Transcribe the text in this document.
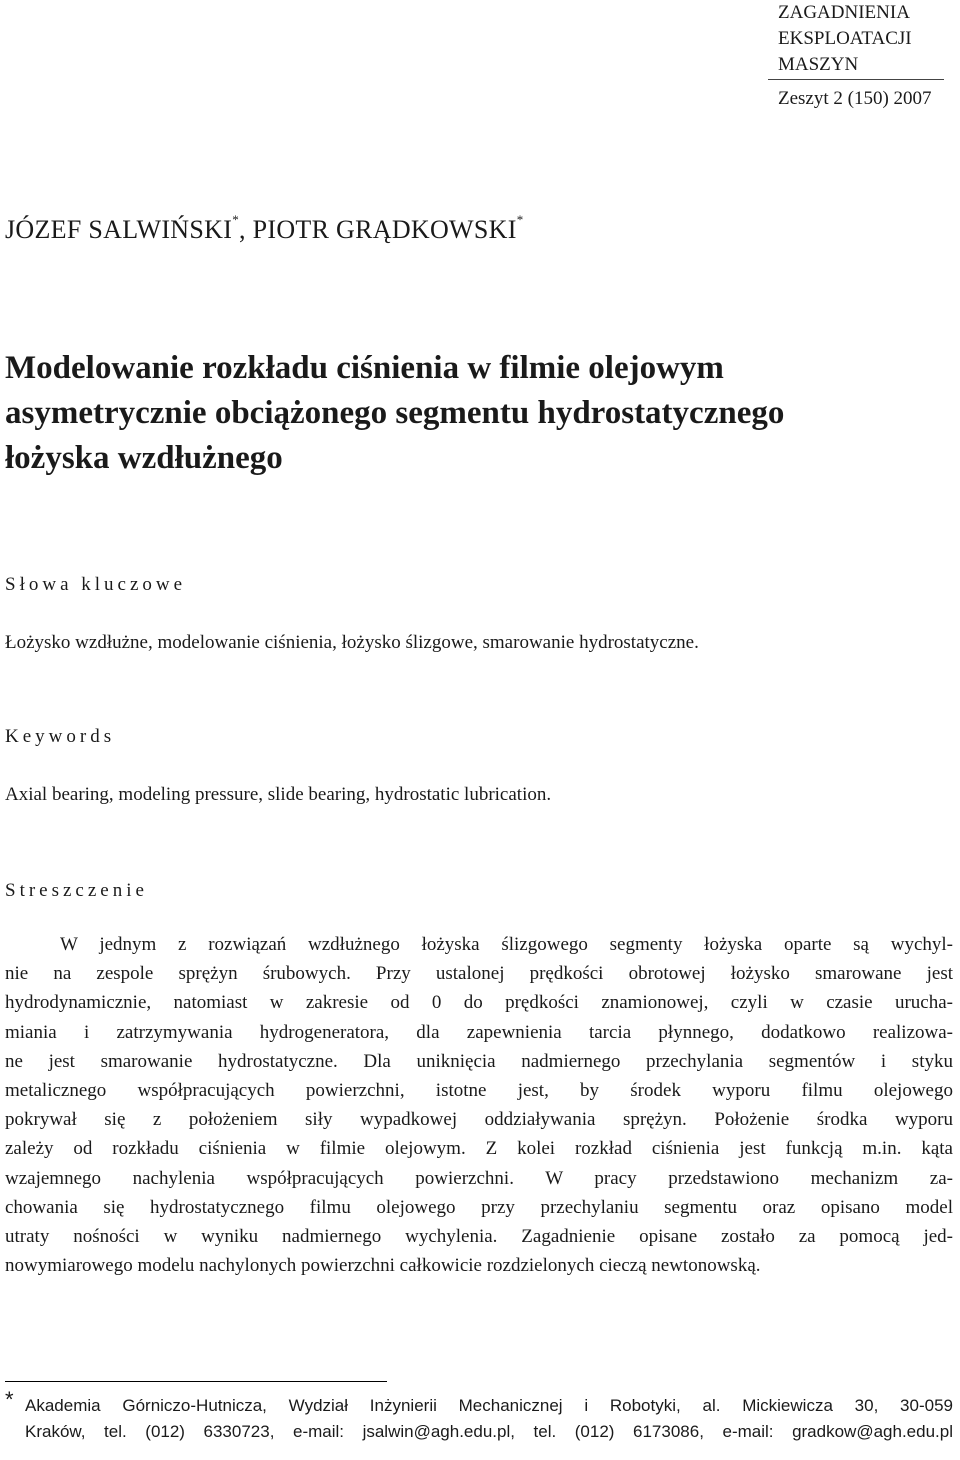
ZAGADNIENIA
EKSPLOATACJI
MASZYN
Zeszyt 2 (150) 2007
JÓZEF SALWIŃSKI*, PIOTR GRĄDKOWSKI*
Modelowanie rozkładu ciśnienia w filmie olejowym
asymetrycznie obciążonego segmentu hydrostatycznego
łożyska wzdłużnego
Słowa kluczowe
Łożysko wzdłużne, modelowanie ciśnienia, łożysko ślizgowe, smarowanie hydrostatyczne.
Keywords
Axial bearing, modeling pressure, slide bearing, hydrostatic lubrication.
Streszczenie
W jednym z rozwiązań wzdłużnego łożyska ślizgowego segmenty łożyska oparte są wychyl-
nie na zespole sprężyn śrubowych. Przy ustalonej prędkości obrotowej łożysko smarowane jest
hydrodynamicznie, natomiast w zakresie od 0 do prędkości znamionowej, czyli w czasie urucha-
miania i zatrzymywania hydrogeneratora, dla zapewnienia tarcia płynnego, dodatkowo realizowa-
ne jest smarowanie hydrostatyczne. Dla uniknięcia nadmiernego przechylania segmentów i styku
metalicznego współpracujących powierzchni, istotne jest, by środek wyporu filmu olejowego
pokrywał się z położeniem siły wypadkowej oddziaływania sprężyn. Położenie środka wyporu
zależy od rozkładu ciśnienia w filmie olejowym. Z kolei rozkład ciśnienia jest funkcją m.in. kąta
wzajemnego nachylenia współpracujących powierzchni. W pracy przedstawiono mechanizm za-
chowania się hydrostatycznego filmu olejowego przy przechylaniu segmentu oraz opisano model
utraty nośności w wyniku nadmiernego wychylenia. Zagadnienie opisane zostało za pomocą jed-
nowymiarowego modelu nachylonych powierzchni całkowicie rozdzielonych cieczą newtonowską.
* Akademia Górniczo-Hutnicza, Wydział Inżynierii Mechanicznej i Robotyki, al. Mickiewicza 30, 30-059
Kraków, tel. (012) 6330723, e-mail: jsalwin@agh.edu.pl, tel. (012) 6173086, e-mail: gradkow@agh.edu.pl
